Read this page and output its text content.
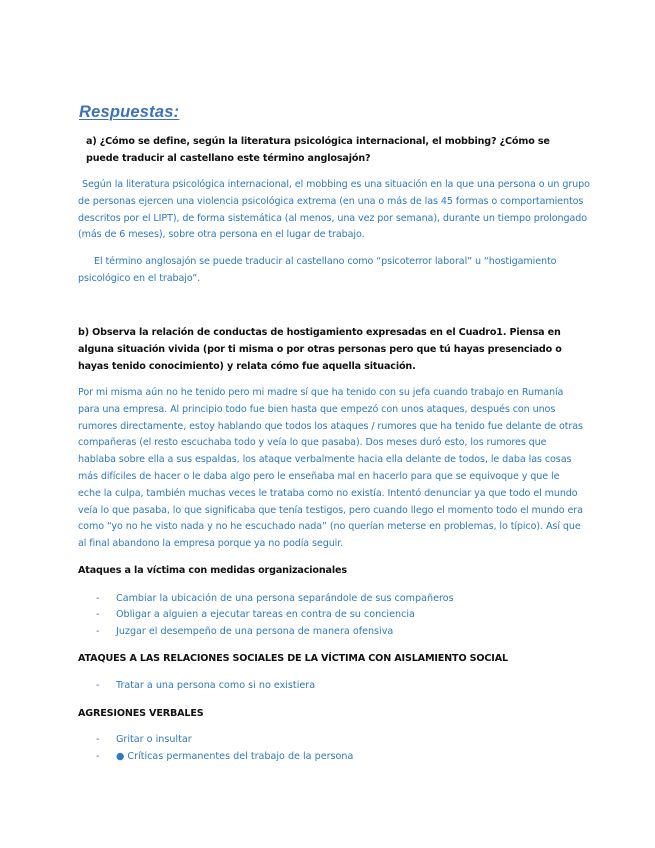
Respuestas:

a) ¿Cómo se define, según la literatura psicológica internacional, el mobbing? ¿Cómo se puede traducir al castellano este término anglosajón?

Según la literatura psicológica internacional, el mobbing es una situación en la que una persona o un grupo de personas ejercen una violencia psicológica extrema (en una o más de las 45 formas o comportamientos descritos por el LIPT), de forma sistemática (al menos, una vez por semana), durante un tiempo prolongado (más de 6 meses), sobre otra persona en el lugar de trabajo.

El término anglosajón se puede traducir al castellano como “psicoterror laboral” u “hostigamiento psicológico en el trabajo”.

b) Observa la relación de conductas de hostigamiento expresadas en el Cuadro1. Piensa en alguna situación vivida (por ti misma o por otras personas pero que tú hayas presenciado o hayas tenido conocimiento) y relata cómo fue aquella situación.

Por mi misma aún no he tenido pero mi madre sí que ha tenido con su jefa cuando trabajo en Rumanía para una empresa. Al principio todo fue bien hasta que empezó con unos ataques, después con unos rumores directamente, estoy hablando que todos los ataques / rumores que ha tenido fue delante de otras compañeras (el resto escuchaba todo y veía lo que pasaba). Dos meses duró esto, los rumores que hablaba sobre ella a sus espaldas, los ataque verbalmente hacia ella delante de todos, le daba las cosas más difíciles de hacer o le daba algo pero le enseñaba mal en hacerlo para que se equivoque y que le eche la culpa, también muchas veces le trataba como no existía. Intentó denunciar ya que todo el mundo veía lo que pasaba, lo que significaba que tenía testigos, pero cuando llego el momento todo el mundo era como “yo no he visto nada y no he escuchado nada” (no querían meterse en problemas, lo típico). Así que al final abandono la empresa porque ya no podía seguir.

Ataques a la víctima con medidas organizacionales
- Cambiar la ubicación de una persona separándole de sus compañeros
- Obligar a alguien a ejecutar tareas en contra de su conciencia
- Juzgar el desempeño de una persona de manera ofensiva
ATAQUES A LAS RELACIONES SOCIALES DE LA VÍCTIMA CON AISLAMIENTO SOCIAL
- Tratar a una persona como si no existiera
AGRESIONES VERBALES
- Gritar o insultar
- ● Críticas permanentes del trabajo de la persona
